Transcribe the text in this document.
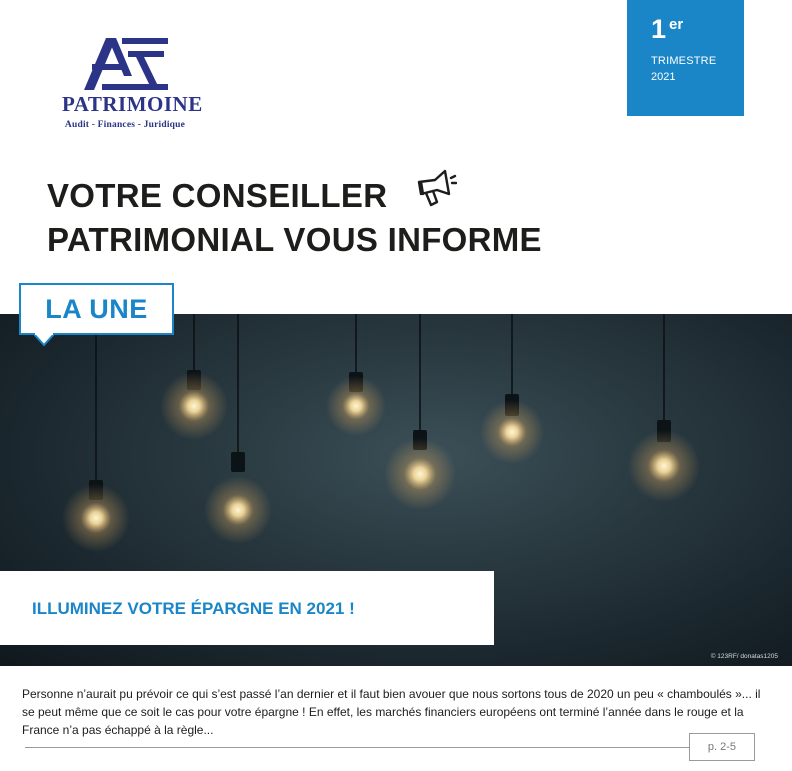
PATRIMOINE
Audit - Finances - Juridique
1 er
TRIMESTRE
2021
VOTRE CONSEILLER
PATRIMONIAL VOUS INFORME
© 123RF/ donatas1205
LA UNE
ILLUMINEZ VOTRE ÉPARGNE EN 2021 !
Personne n’aurait pu prévoir ce qui s’est passé l’an dernier et il faut bien avouer que nous sortons tous de 2020 un peu « chamboulés »... il se peut même que ce soit le cas pour votre épargne ! En effet, les marchés financiers européens ont terminé l’année dans le rouge et la France n’a pas échappé à la règle...
p. 2-5
